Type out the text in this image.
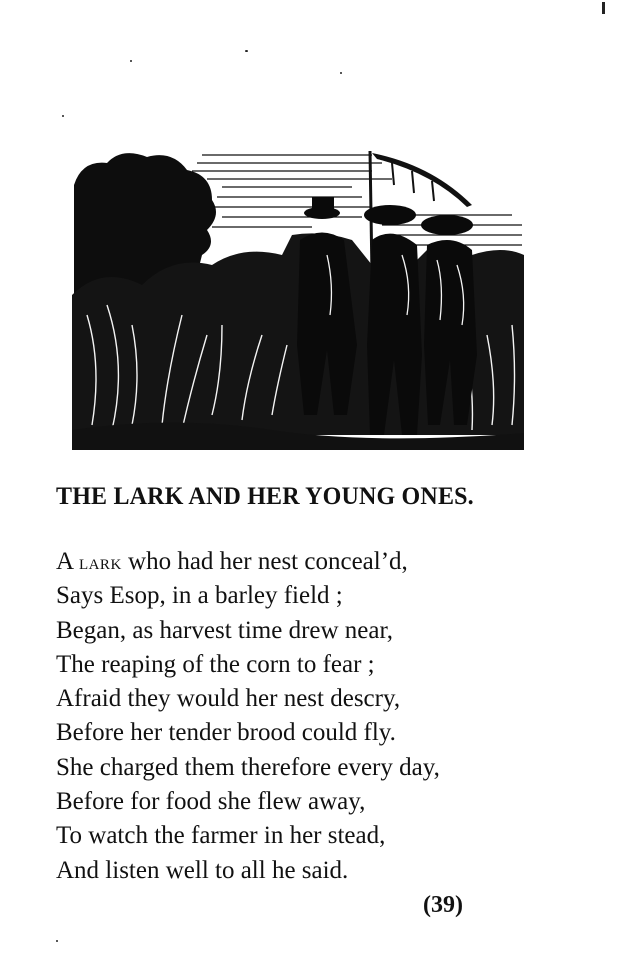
THE LARK AND HER YOUNG ONES.
A lark who had her nest conceal’d,
Says Esop, in a barley field ;
Began, as harvest time drew near,
The reaping of the corn to fear ;
Afraid they would her nest descry,
Before her tender brood could fly.
She charged them therefore every day,
Before for food she flew away,
To watch the farmer in her stead,
And listen well to all he said.
(39)
